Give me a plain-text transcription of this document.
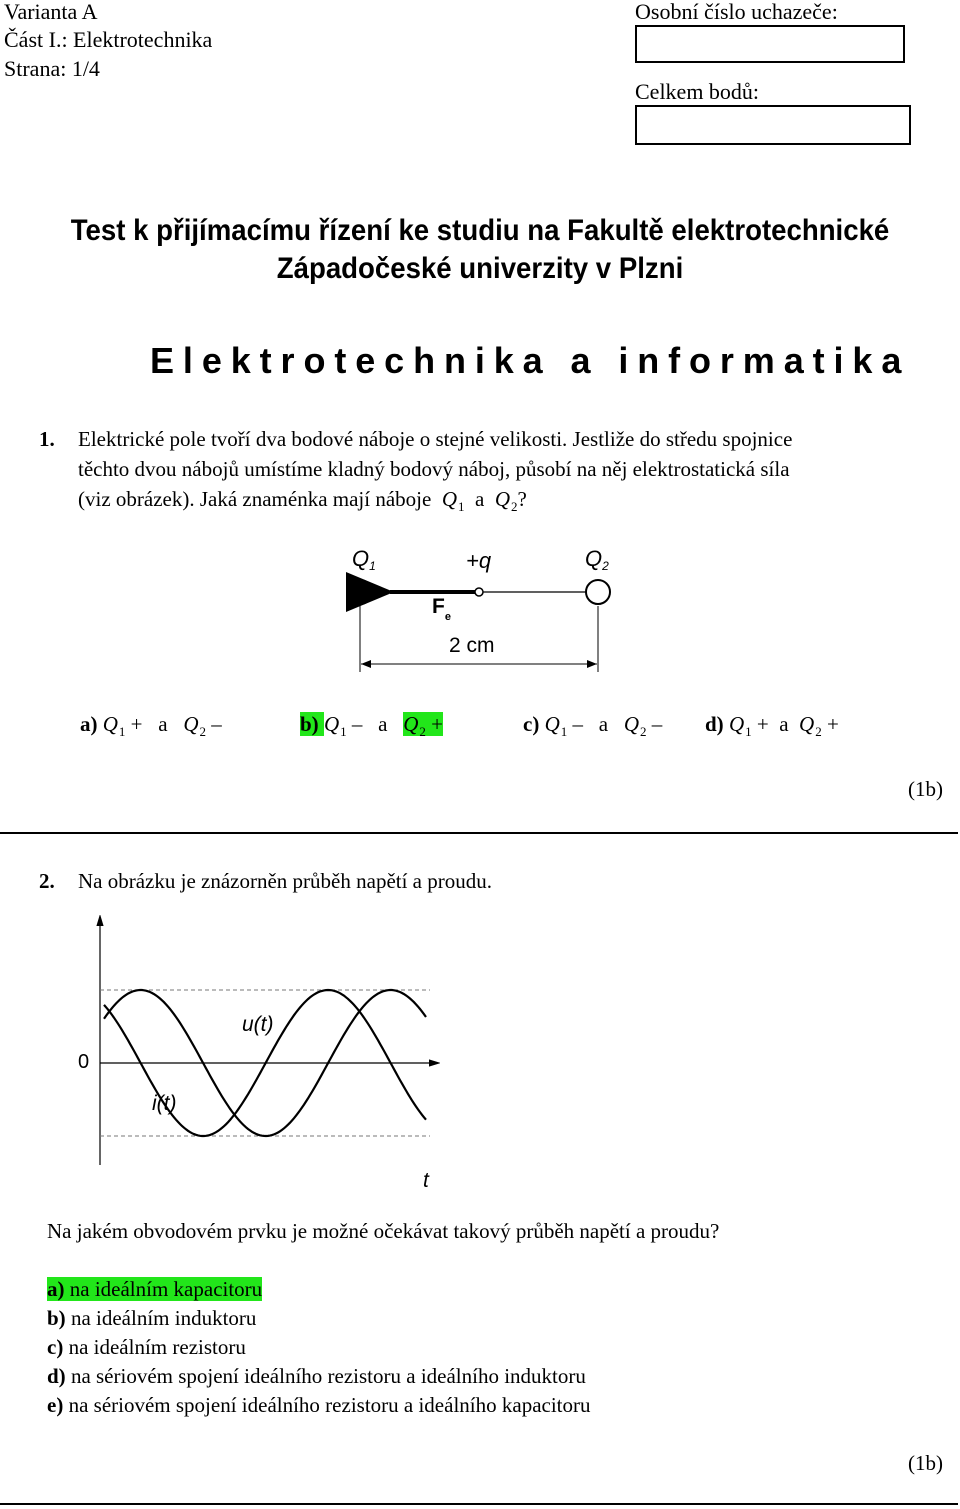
Varianta A
Část I.: Elektrotechnika
Strana: 1/4
Osobní číslo uchazeče:
Celkem bodů:
Test k přijímacímu řízení ke studiu na Fakultě elektrotechnické
Západočeské univerzity v Plzni
Elektrotechnika a informatika
1. Elektrické pole tvoří dva bodové náboje o stejné velikosti. Jestliže do středu spojnice
těchto dvou nábojů umístíme kladný bodový náboj, působí na něj elektrostatická síla
(viz obrázek). Jaká znaménka mají náboje $Q_1$ a $Q_2$?
Q1	+q	Q2
$F_e$
2 cm
a) $Q_1 + a$ $Q_2$ –	b) $Q_1$ – a $Q_2$ +	c) $Q_1$ – a $Q_2 - d$) $Q_1 + a$ $Q_2$ +
(1b)
2. Na obrázku je znázorněn průběh napětí a proudu.
0
u(t)
i(t)
t
Na jakém obvodovém prvku je možné očekávat takový průběh napětí a proudu?
a) na ideálním kapacitoru
b) na ideálním induktoru
c) na ideálním rezistoru
d) na sériovém spojení ideálního rezistoru a ideálního induktoru
e) na sériovém spojení ideálního rezistoru a ideálního kapacitoru
(1b)
